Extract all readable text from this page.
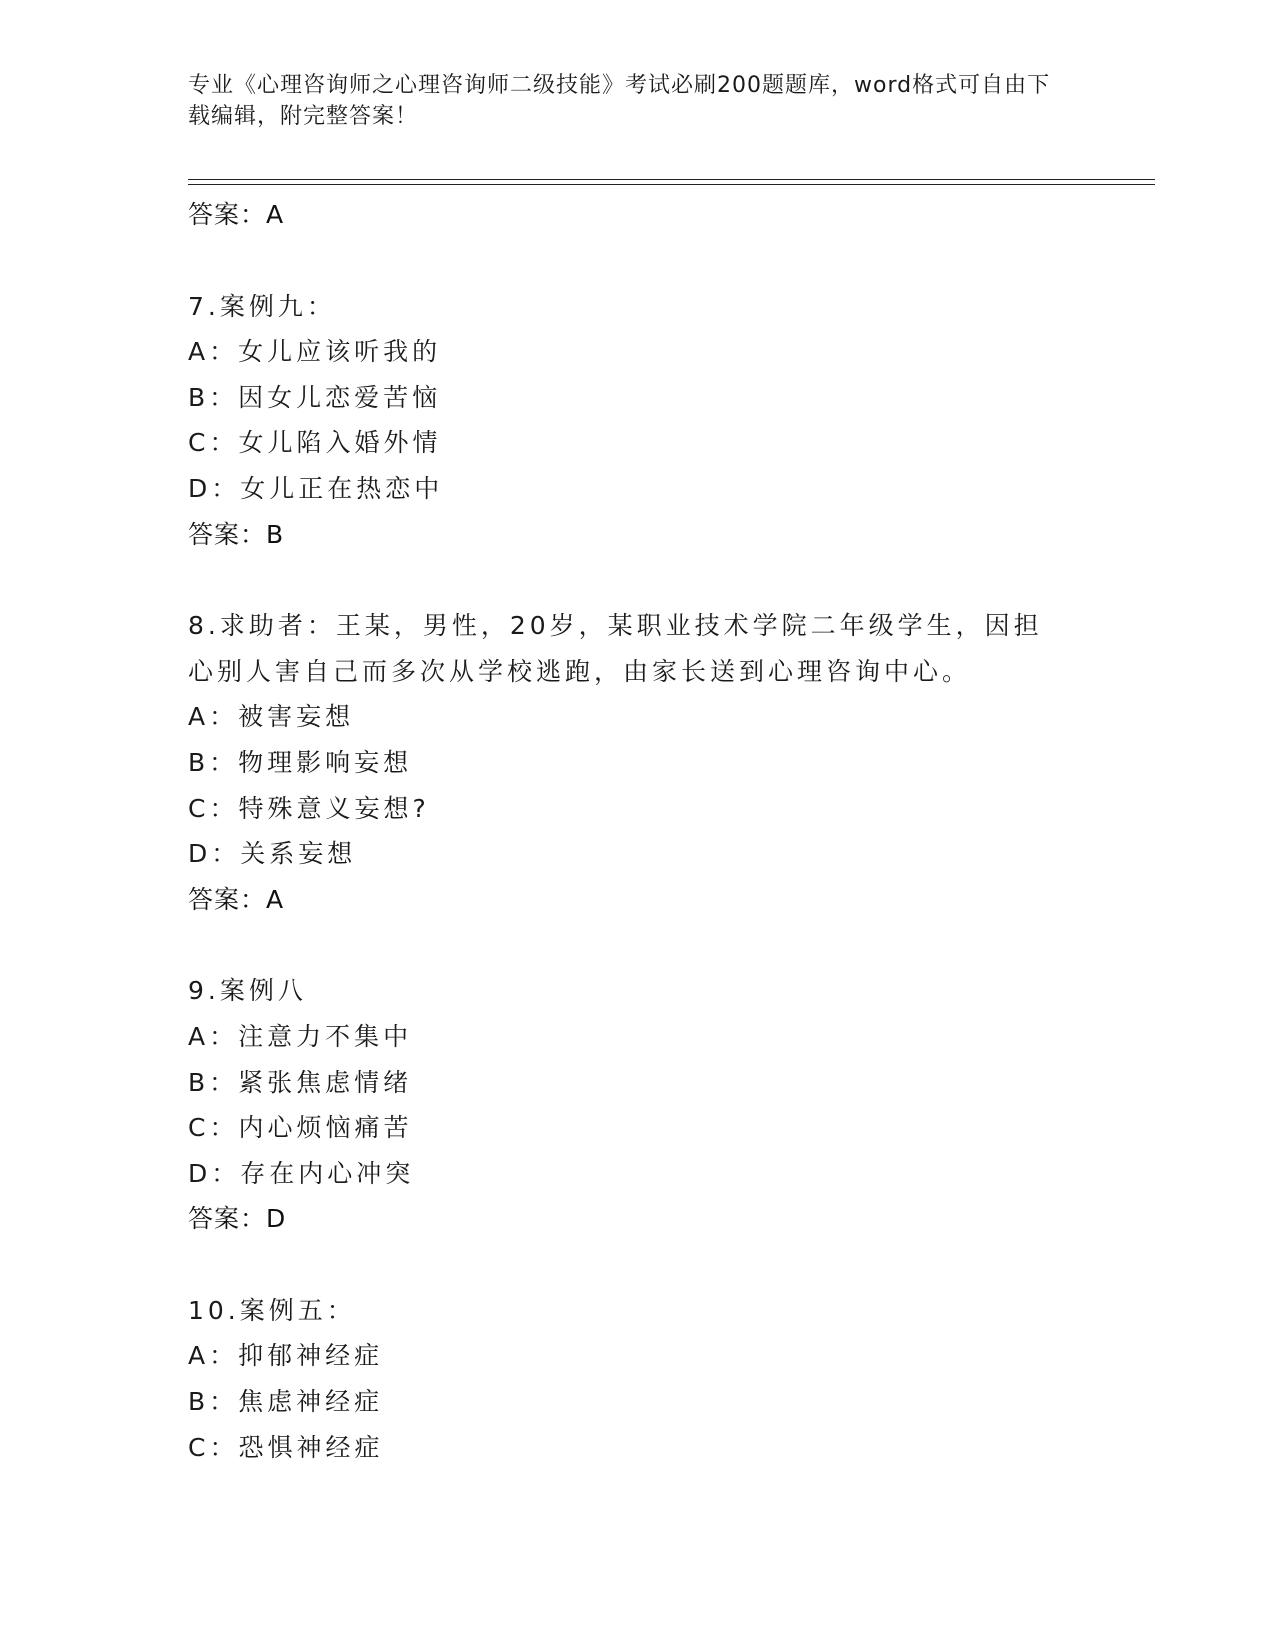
专业《心理咨询师之心理咨询师二级技能》考试必刷200题题库，word格式可自由下载编辑，附完整答案！
答案：A
7.案例九：
A：女儿应该听我的
B：因女儿恋爱苦恼
C：女儿陷入婚外情
D：女儿正在热恋中
答案：B
8.求助者：王某，男性，20岁，某职业技术学院二年级学生，因担心别人害自己而多次从学校逃跑，由家长送到心理咨询中心。
A：被害妄想
B：物理影响妄想
C：特殊意义妄想?
D：关系妄想
答案：A
9.案例八
A：注意力不集中
B：紧张焦虑情绪
C：内心烦恼痛苦
D：存在内心冲突
答案：D
10.案例五：
A：抑郁神经症
B：焦虑神经症
C：恐惧神经症
